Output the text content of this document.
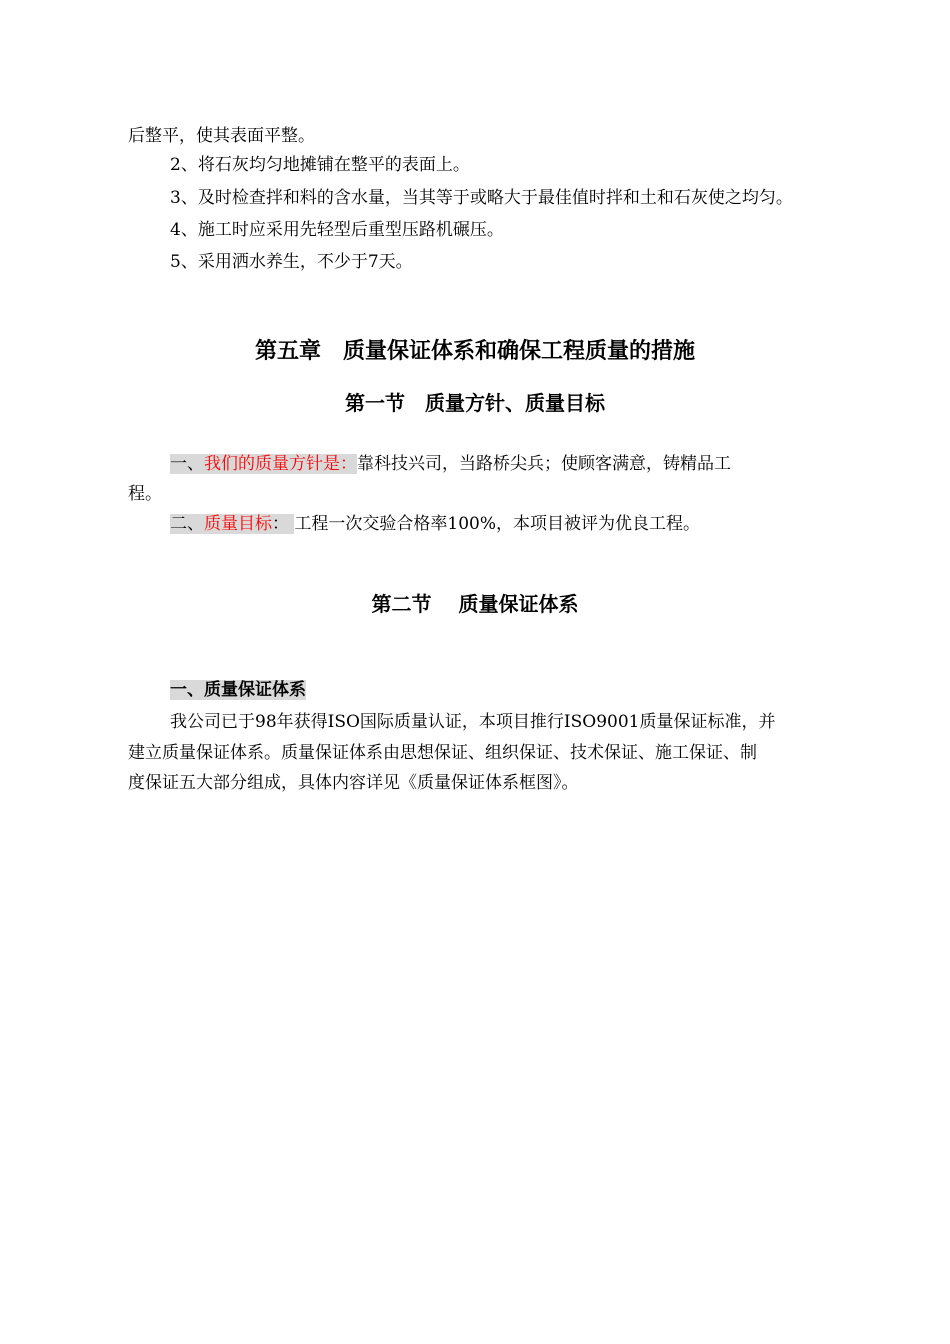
后整平，使其表面平整。
2、将石灰均匀地摊铺在整平的表面上。
3、及时检查拌和料的含水量，当其等于或略大于最佳值时拌和土和石灰使之均匀。
4、施工时应采用先轻型后重型压路机碾压。
5、采用洒水养生，不少于7天。
第五章　质量保证体系和确保工程质量的措施
第一节　质量方针、质量目标
一、我们的质量方针是：靠科技兴司，当路桥尖兵；使顾客满意，铸精品工
程。
二、质量目标： 工程一次交验合格率100%，本项目被评为优良工程。
第二节　 质量保证体系
一、质量保证体系
我公司已于98年获得ISO国际质量认证，本项目推行ISO9001质量保证标准，并
建立质量保证体系。质量保证体系由思想保证、组织保证、技术保证、施工保证、制
度保证五大部分组成，具体内容详见《质量保证体系框图》。
